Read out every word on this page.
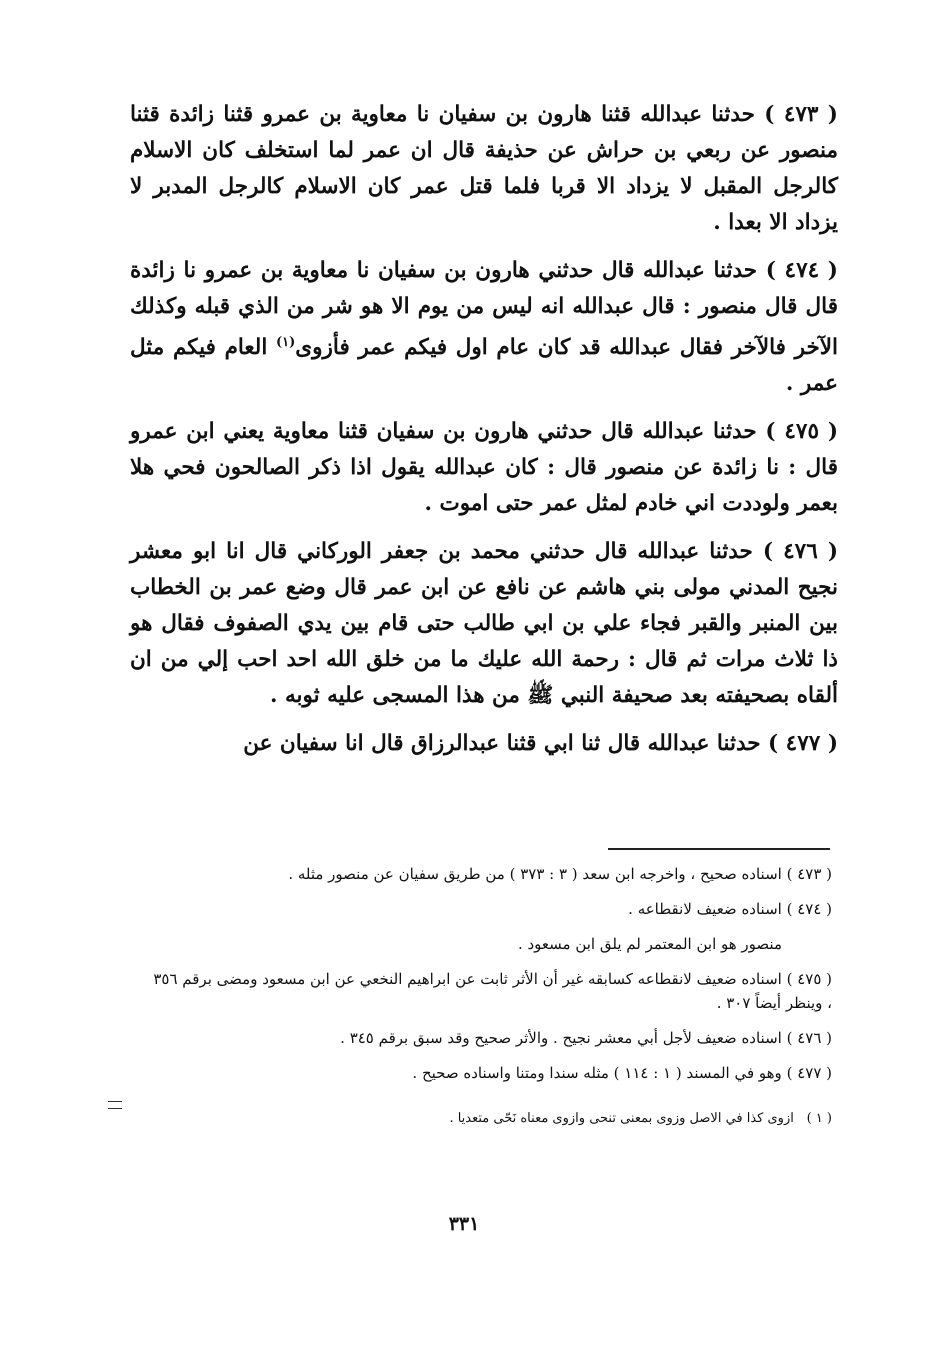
( ٤٧٣ ) حدثنا عبدالله قثنا هارون بن سفيان نا معاوية بن عمرو قثنا زائدة قثنا منصور عن ربعي بن حراش عن حذيفة قال ان عمر لما استخلف كان الاسلام كالرجل المقبل لا يزداد الا قربا فلما قتل عمر كان الاسلام كالرجل المدبر لا يزداد الا بعدا .

( ٤٧٤ ) حدثنا عبدالله قال حدثني هارون بن سفيان نا معاوية بن عمرو نا زائدة قال قال منصور : قال عبدالله انه ليس من يوم الا هو شر من الذي قبله وكذلك الآخر فالآخر فقال عبدالله قد كان عام اول فيكم عمر فأزوى$^{(١)}$ العام فيكم مثل عمر .

( ٤٧٥ ) حدثنا عبدالله قال حدثني هارون بن سفيان قثنا معاوية يعني ابن عمرو قال : نا زائدة عن منصور قال : كان عبدالله يقول اذا ذكر الصالحون فحي هلا بعمر ولوددت اني خادم لمثل عمر حتى اموت .

( ٤٧٦ ) حدثنا عبدالله قال حدثني محمد بن جعفر الوركاني قال انا ابو معشر نجيح المدني مولى بني هاشم عن نافع عن ابن عمر قال وضع عمر بن الخطاب بين المنبر والقبر فجاء علي بن ابي طالب حتى قام بين يدي الصفوف فقال هو ذا ثلاث مرات ثم قال : رحمة الله عليك ما من خلق الله احد احب إلي من ان ألقاه بصحيفته بعد صحيفة النبي ﷺ من هذا المسجى عليه ثوبه .

( ٤٧٧ ) حدثنا عبدالله قال ثنا ابي قثنا عبدالرزاق قال انا سفيان عن

( ٤٧٣ ) اسناده صحيح ، واخرجه ابن سعد ( ٣ : ٣٧٣ ) من طريق سفيان عن منصور مثله .

( ٤٧٤ ) اسناده ضعيف لانقطاعه .

منصور هو ابن المعتمر لم يلق ابن مسعود .

( ٤٧٥ ) اسناده ضعيف لانقطاعه كسابقه غير أن الأثر ثابت عن ابراهيم النخعي عن ابن مسعود ومضى برقم ٣٥٦ ، وينظر أيضاً ٣٠٧ .

( ٤٧٦ ) اسناده ضعيف لأجل أبي معشر نجيح . والأثر صحيح وقد سبق برقم ٣٤٥ .

( ٤٧٧ ) وهو في المسند ( ١ : ١١٤ ) مثله سندا ومتنا واسناده صحيح .

( ١ ) ازوى كذا في الاصل وزوى بمعنى تنحى وازوى معناه نَحّى متعديا .

٣٣١
